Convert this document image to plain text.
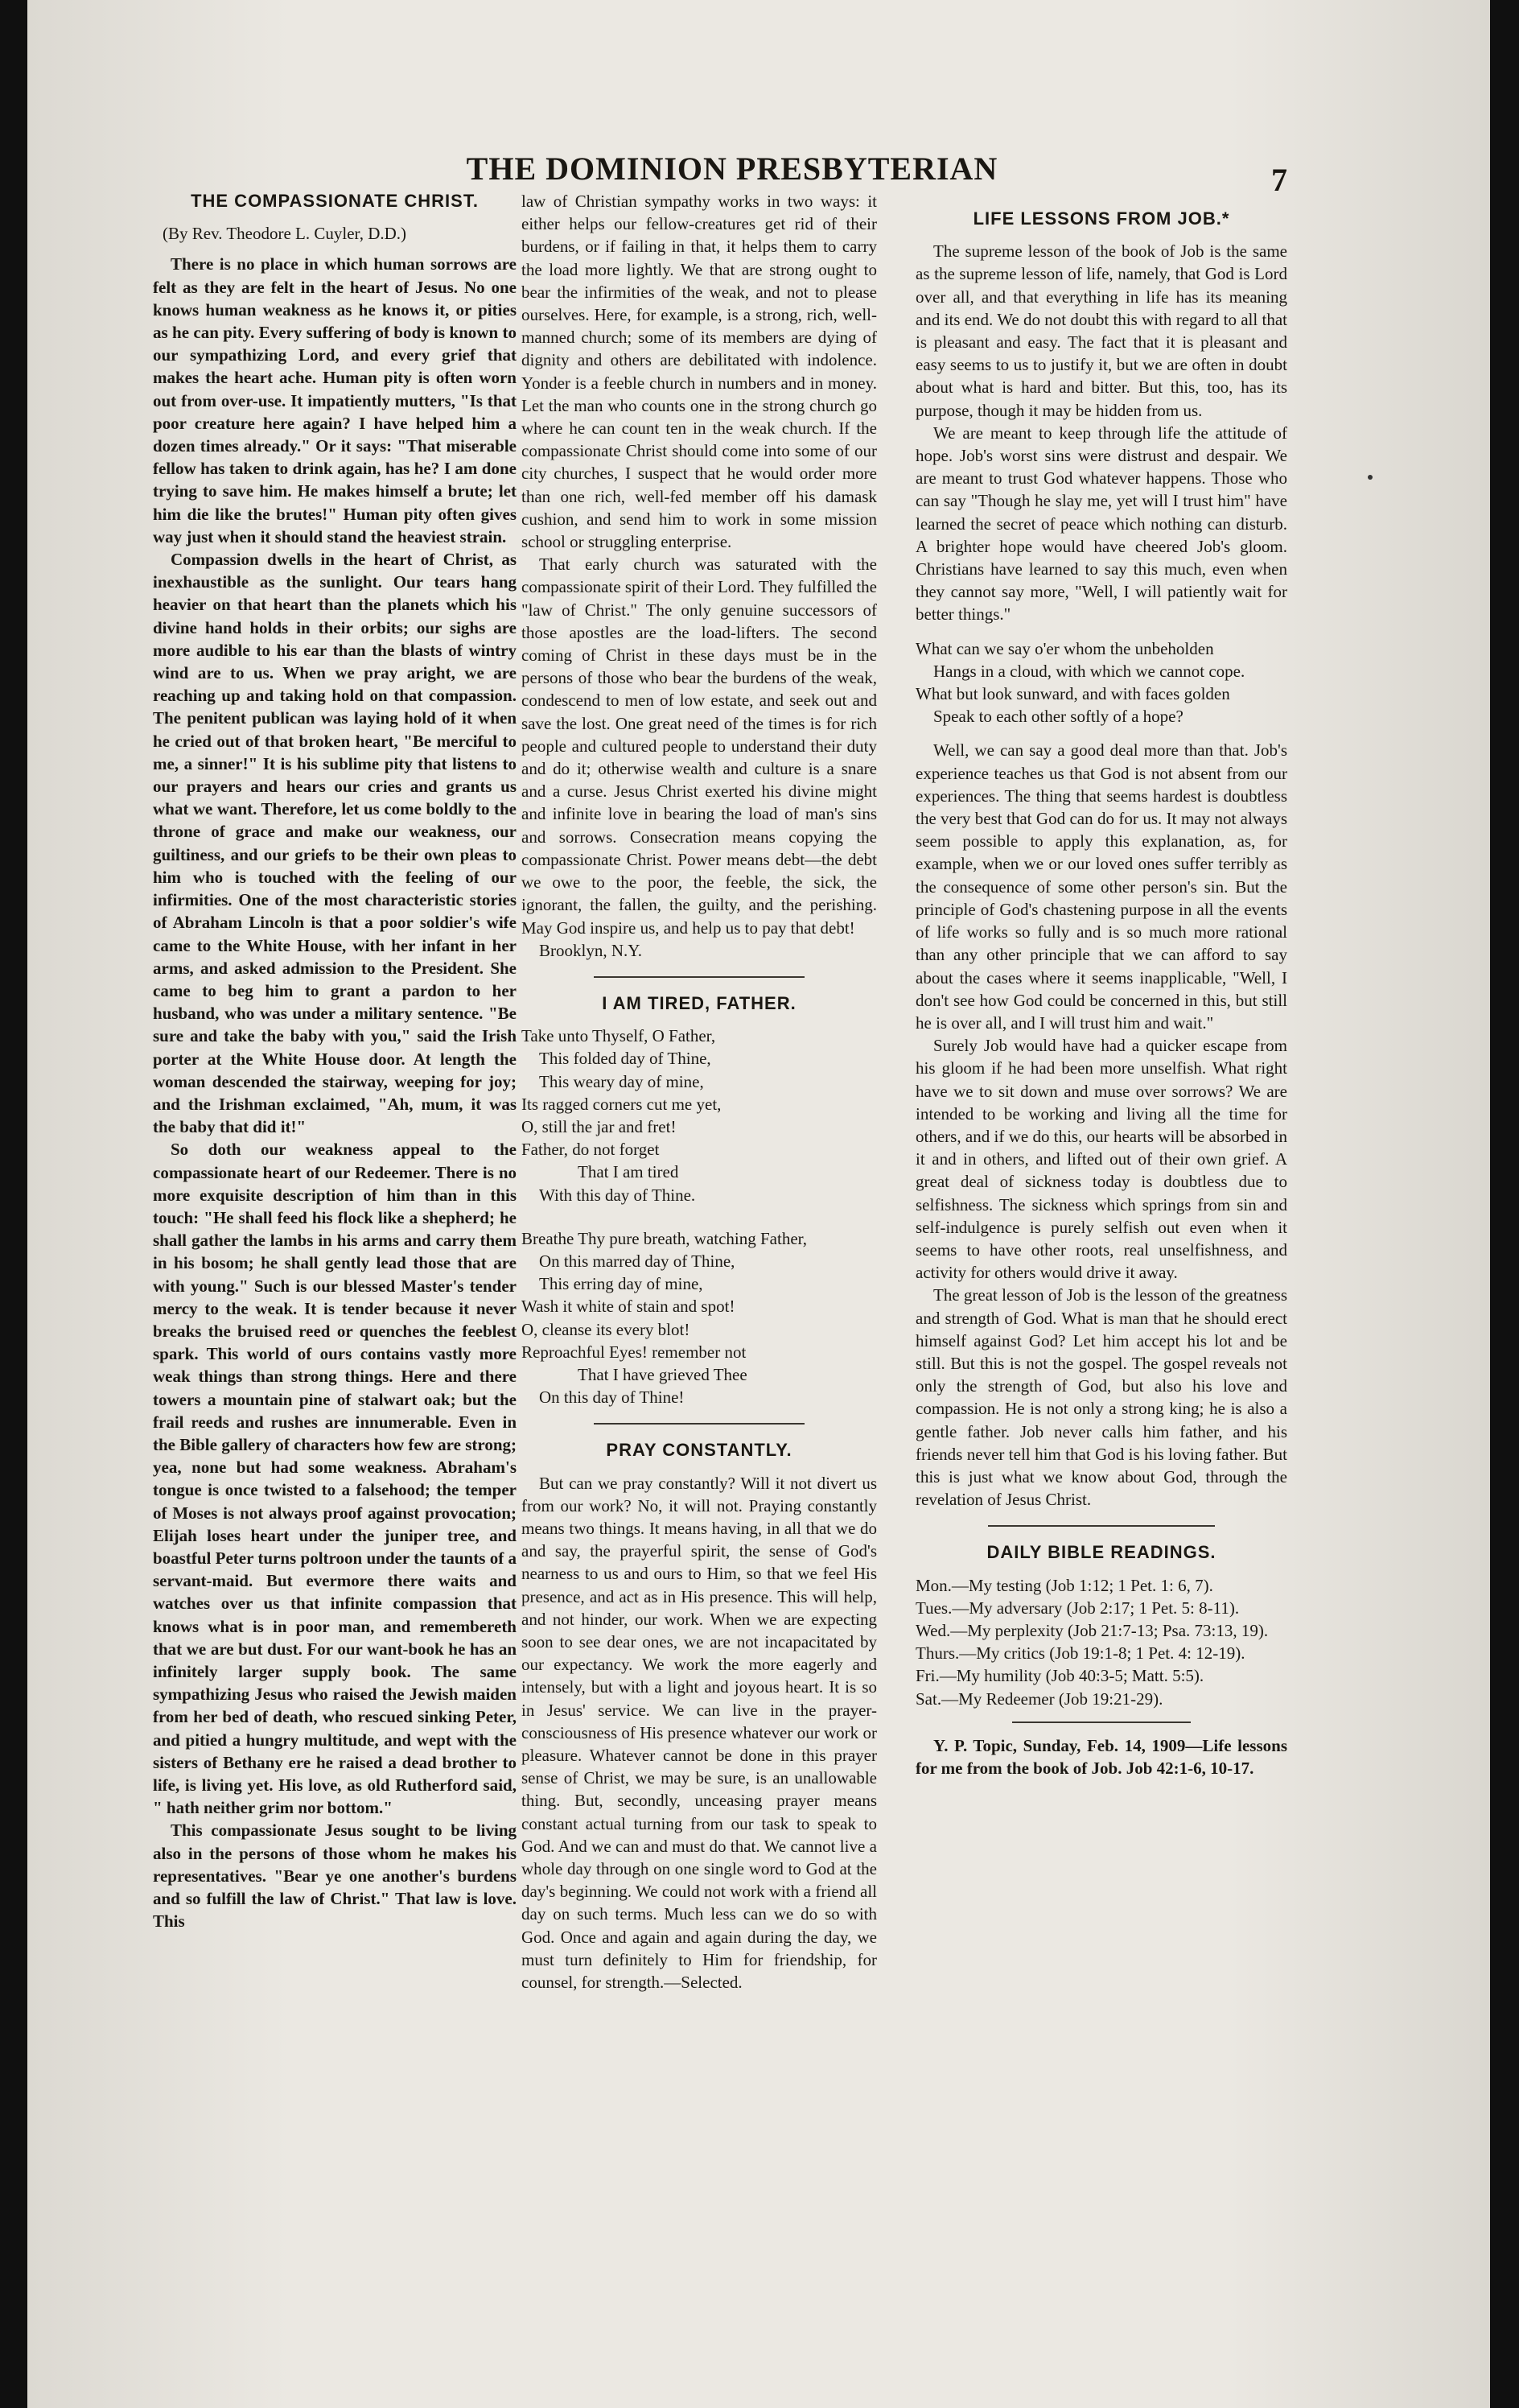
THE DOMINION PRESBYTERIAN	7
THE COMPASSIONATE CHRIST.
(By Rev. Theodore L. Cuyler, D.D.)

There is no place in which human sorrows are felt as they are felt in the heart of Jesus. No one knows human weakness as he knows it, or pities as he can pity. Every suffering of body is known to our sympathizing Lord, and every grief that makes the heart ache. Human pity is often worn out from over-use. It impatiently mutters, "Is that poor creature here again? I have helped him a dozen times already." Or it says: "That miserable fellow has taken to drink again, has he? I am done trying to save him. He makes himself a brute; let him die like the brutes!" Human pity often gives way just when it should stand the heaviest strain.

Compassion dwells in the heart of Christ, as inexhaustible as the sunlight. Our tears hang heavier on that heart than the planets which his divine hand holds in their orbits; our sighs are more audible to his ear than the blasts of wintry wind are to us. When we pray aright, we are reaching up and taking hold on that compassion. The penitent publican was laying hold of it when he cried out of that broken heart, "Be merciful to me, a sinner!" It is his sublime pity that listens to our prayers and hears our cries and grants us what we want. Therefore, let us come boldly to the throne of grace and make our weakness, our guiltiness, and our griefs to be their own pleas to him who is touched with the feeling of our infirmities. One of the most characteristic stories of Abraham Lincoln is that a poor soldier's wife came to the White House, with her infant in her arms, and asked admission to the President. She came to beg him to grant a pardon to her husband, who was under a military sentence. "Be sure and take the baby with you," said the Irish porter at the White House door. At length the woman descended the stairway, weeping for joy; and the Irishman exclaimed, "Ah, mum, it was the baby that did it!"

So doth our weakness appeal to the compassionate heart of our Redeemer. There is no more exquisite description of him than in this touch: "He shall feed his flock like a shepherd; he shall gather the lambs in his arms and carry them in his bosom; he shall gently lead those that are with young." Such is our blessed Master's tender mercy to the weak. It is tender because it never breaks the bruised reed or quenches the feeblest spark. This world of ours contains vastly more weak things than strong things. Here and there towers a mountain pine of stalwart oak; but the frail reeds and rushes are innumerable. Even in the Bible gallery of characters how few are strong; yea, none but had some weakness. Abraham's tongue is once twisted to a falsehood; the temper of Moses is not always proof against provocation; Elijah loses heart under the juniper tree, and boastful Peter turns poltroon under the taunts of a servant-maid. But evermore there waits and watches over us that infinite compassion that knows what is in poor man, and remembereth that we are but dust. For our want-book he has an infinitely larger supply book. The same sympathizing Jesus who raised the Jewish maiden from her bed of death, who rescued sinking Peter, and pitied a hungry multitude, and wept with the sisters of Bethany ere he raised a dead brother to life, is living yet. His love, as old Rutherford said, " hath neither grim nor bottom."

This compassionate Jesus sought to be living also in the persons of those whom he makes his representatives. "Bear ye one another's burdens and so fulfill the law of Christ." That law is love. This

law of Christian sympathy works in two ways: it either helps our fellow-creatures get rid of their burdens, or if failing in that, it helps them to carry the load more lightly. We that are strong ought to bear the infirmities of the weak, and not to please ourselves. Here, for example, is a strong, rich, well-manned church; some of its members are dying of dignity and others are debilitated with indolence. Yonder is a feeble church in numbers and in money. Let the man who counts one in the strong church go where he can count ten in the weak church. If the compassionate Christ should come into some of our city churches, I suspect that he would order more than one rich, well-fed member off his damask cushion, and send him to work in some mission school or struggling enterprise.

That early church was saturated with the compassionate spirit of their Lord. They fulfilled the "law of Christ." The only genuine successors of those apostles are the load-lifters. The second coming of Christ in these days must be in the persons of those who bear the burdens of the weak, condescend to men of low estate, and seek out and save the lost. One great need of the times is for rich people and cultured people to understand their duty and do it; otherwise wealth and culture is a snare and a curse. Jesus Christ exerted his divine might and infinite love in bearing the load of man's sins and sorrows. Consecration means copying the compassionate Christ. Power means debt—the debt we owe to the poor, the feeble, the sick, the ignorant, the fallen, the guilty, and the perishing. May God inspire us, and help us to pay that debt!

Brooklyn, N.Y.
I AM TIRED, FATHER.
Take unto Thyself, O Father,
This folded day of Thine,
This weary day of mine,
Its ragged corners cut me yet,
O, still the jar and fret!
Father, do not forget
That I am tired
With this day of Thine.
Breathe Thy pure breath, watching Father,
On this marred day of Thine,
This erring day of mine,
Wash it white of stain and spot!
O, cleanse its every blot!
Reproachful Eyes! remember not
That I have grieved Thee
On this day of Thine!
PRAY CONSTANTLY.

But can we pray constantly? Will it not divert us from our work? No, it will not. Praying constantly means two things. It means having, in all that we do and say, the prayerful spirit, the sense of God's nearness to us and ours to Him, so that we feel His presence, and act as in His presence. This will help, and not hinder, our work. When we are expecting soon to see dear ones, we are not incapacitated by our expectancy. We work the more eagerly and intensely, but with a light and joyous heart. It is so in Jesus' service. We can live in the prayer-consciousness of His presence whatever our work or pleasure. Whatever cannot be done in this prayer sense of Christ, we may be sure, is an unallowable thing. But, secondly, unceasing prayer means constant actual turning from our task to speak to God. And we can and must do that. We cannot live a whole day through on one single word to God at the day's beginning. We could not work with a friend all day on such terms. Much less can we do so with God. Once and again and again during the day, we must turn definitely to Him for friendship, for counsel, for strength.—Selected.

LIFE LESSONS FROM JOB.*

The supreme lesson of the book of Job is the same as the supreme lesson of life, namely, that God is Lord over all, and that everything in life has its meaning and its end. We do not doubt this with regard to all that is pleasant and easy. The fact that it is pleasant and easy seems to us to justify it, but we are often in doubt about what is hard and bitter. But this, too, has its purpose, though it may be hidden from us.

We are meant to keep through life the attitude of hope. Job's worst sins were distrust and despair. We are meant to trust God whatever happens. Those who can say "Though he slay me, yet will I trust him" have learned the secret of peace which nothing can disturb. A brighter hope would have cheered Job's gloom. Christians have learned to say this much, even when they cannot say more, "Well, I will patiently wait for better things."

What can we say o'er whom the unbeholden
Hangs in a cloud, with which we cannot cope.
What but look sunward, and with faces golden
Speak to each other softly of a hope?

Well, we can say a good deal more than that. Job's experience teaches us that God is not absent from our experiences. The thing that seems hardest is doubtless the very best that God can do for us. It may not always seem possible to apply this explanation, as, for example, when we or our loved ones suffer terribly as the consequence of some other person's sin. But the principle of God's chastening purpose in all the events of life works so fully and is so much more rational than any other principle that we can afford to say about the cases where it seems inapplicable, "Well, I don't see how God could be concerned in this, but still he is over all, and I will trust him and wait."

Surely Job would have had a quicker escape from his gloom if he had been more unselfish. What right have we to sit down and muse over sorrows? We are intended to be working and living all the time for others, and if we do this, our hearts will be absorbed in it and in others, and lifted out of their own grief. A great deal of sickness today is doubtless due to selfishness. The sickness which springs from sin and self-indulgence is purely selfish out even when it seems to have other roots, real unselfishness, and activity for others would drive it away.

The great lesson of Job is the lesson of the greatness and strength of God. What is man that he should erect himself against God? Let him accept his lot and be still. But this is not the gospel. The gospel reveals not only the strength of God, but also his love and compassion. He is not only a strong king; he is also a gentle father. Job never calls him father, and his friends never tell him that God is his loving father. But this is just what we know about God, through the revelation of Jesus Christ.

DAILY BIBLE READINGS.
Mon.—My testing (Job 1:12; 1 Pet. 1: 6, 7).
Tues.—My adversary (Job 2:17; 1 Pet. 5: 8-11).
Wed.—My perplexity (Job 21:7-13; Psa. 73:13, 19).
Thurs.—My critics (Job 19:1-8; 1 Pet. 4: 12-19).
Fri.—My humility (Job 40:3-5; Matt. 5:5).
Sat.—My Redeemer (Job 19:21-29).

Y. P. Topic, Sunday, Feb. 14, 1909—Life lessons for me from the book of Job. Job 42:1-6, 10-17.
